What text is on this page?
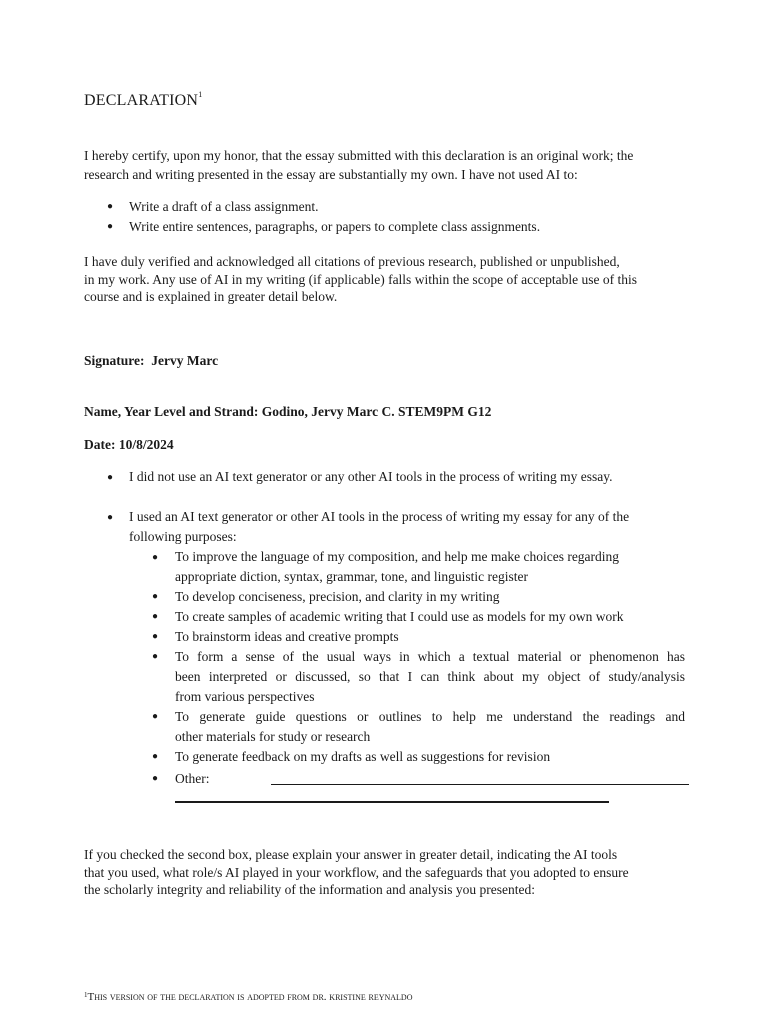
DECLARATION$^1$
I hereby certify, upon my honor, that the essay submitted with this declaration is an original work; the
research and writing presented in the essay are substantially my own. I have not used AI to:
● Write a draft of a class assignment.
● Write entire sentences, paragraphs, or papers to complete class assignments.
I have duly verified and acknowledged all citations of previous research, published or unpublished,
in my work. Any use of AI in my writing (if applicable) falls within the scope of acceptable use of this
course and is explained in greater detail below.
Signature: Jervy Marc
Name, Year Level and Strand: Godino, Jervy Marc C. STEM9PM G12
Date: 10/8/2024
● I did not use an AI text generator or any other AI tools in the process of writing my essay.
● I used an AI text generator or other AI tools in the process of writing my essay for any of the
following purposes:
● To improve the language of my composition, and help me make choices regarding
appropriate diction, syntax, grammar, tone, and linguistic register
● To develop conciseness, precision, and clarity in my writing
● To create samples of academic writing that I could use as models for my own work
● To brainstorm ideas and creative prompts
● To form a sense of the usual ways in which a textual material or phenomenon has
been interpreted or discussed, so that I can think about my object of study/analysis
from various perspectives
● To generate guide questions or outlines to help me understand the readings and
other materials for study or research
● To generate feedback on my drafts as well as suggestions for revision
● Other:
If you checked the second box, please explain your answer in greater detail, indicating the AI tools
that you used, what role/s AI played in your workflow, and the safeguards that you adopted to ensure
the scholarly integrity and reliability of the information and analysis you presented:
$^1$This version of the declaration is adopted from dr. kristine reynaldo
